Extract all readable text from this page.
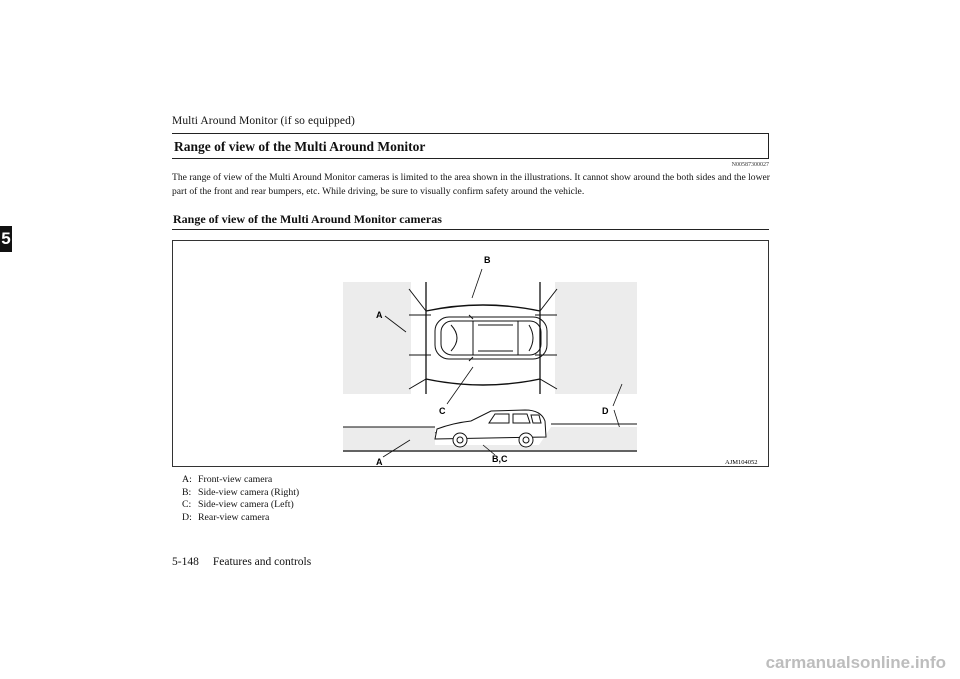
Multi Around Monitor (if so equipped)
5
Range of view of the Multi Around Monitor
N00587300027

The range of view of the Multi Around Monitor cameras is limited to the area shown in the illustrations. It cannot show around the both sides and the lower part of the front and rear bumpers, etc. While driving, be sure to visually confirm safety around the vehicle.

Range of view of the Multi Around Monitor cameras
A
B
C	D
A	B,C	AJM104052
A: Front-view camera
B: Side-view camera (Right)
C: Side-view camera (Left)
D: Rear-view camera
5-148 Features and controls
carmanualsonline.info
